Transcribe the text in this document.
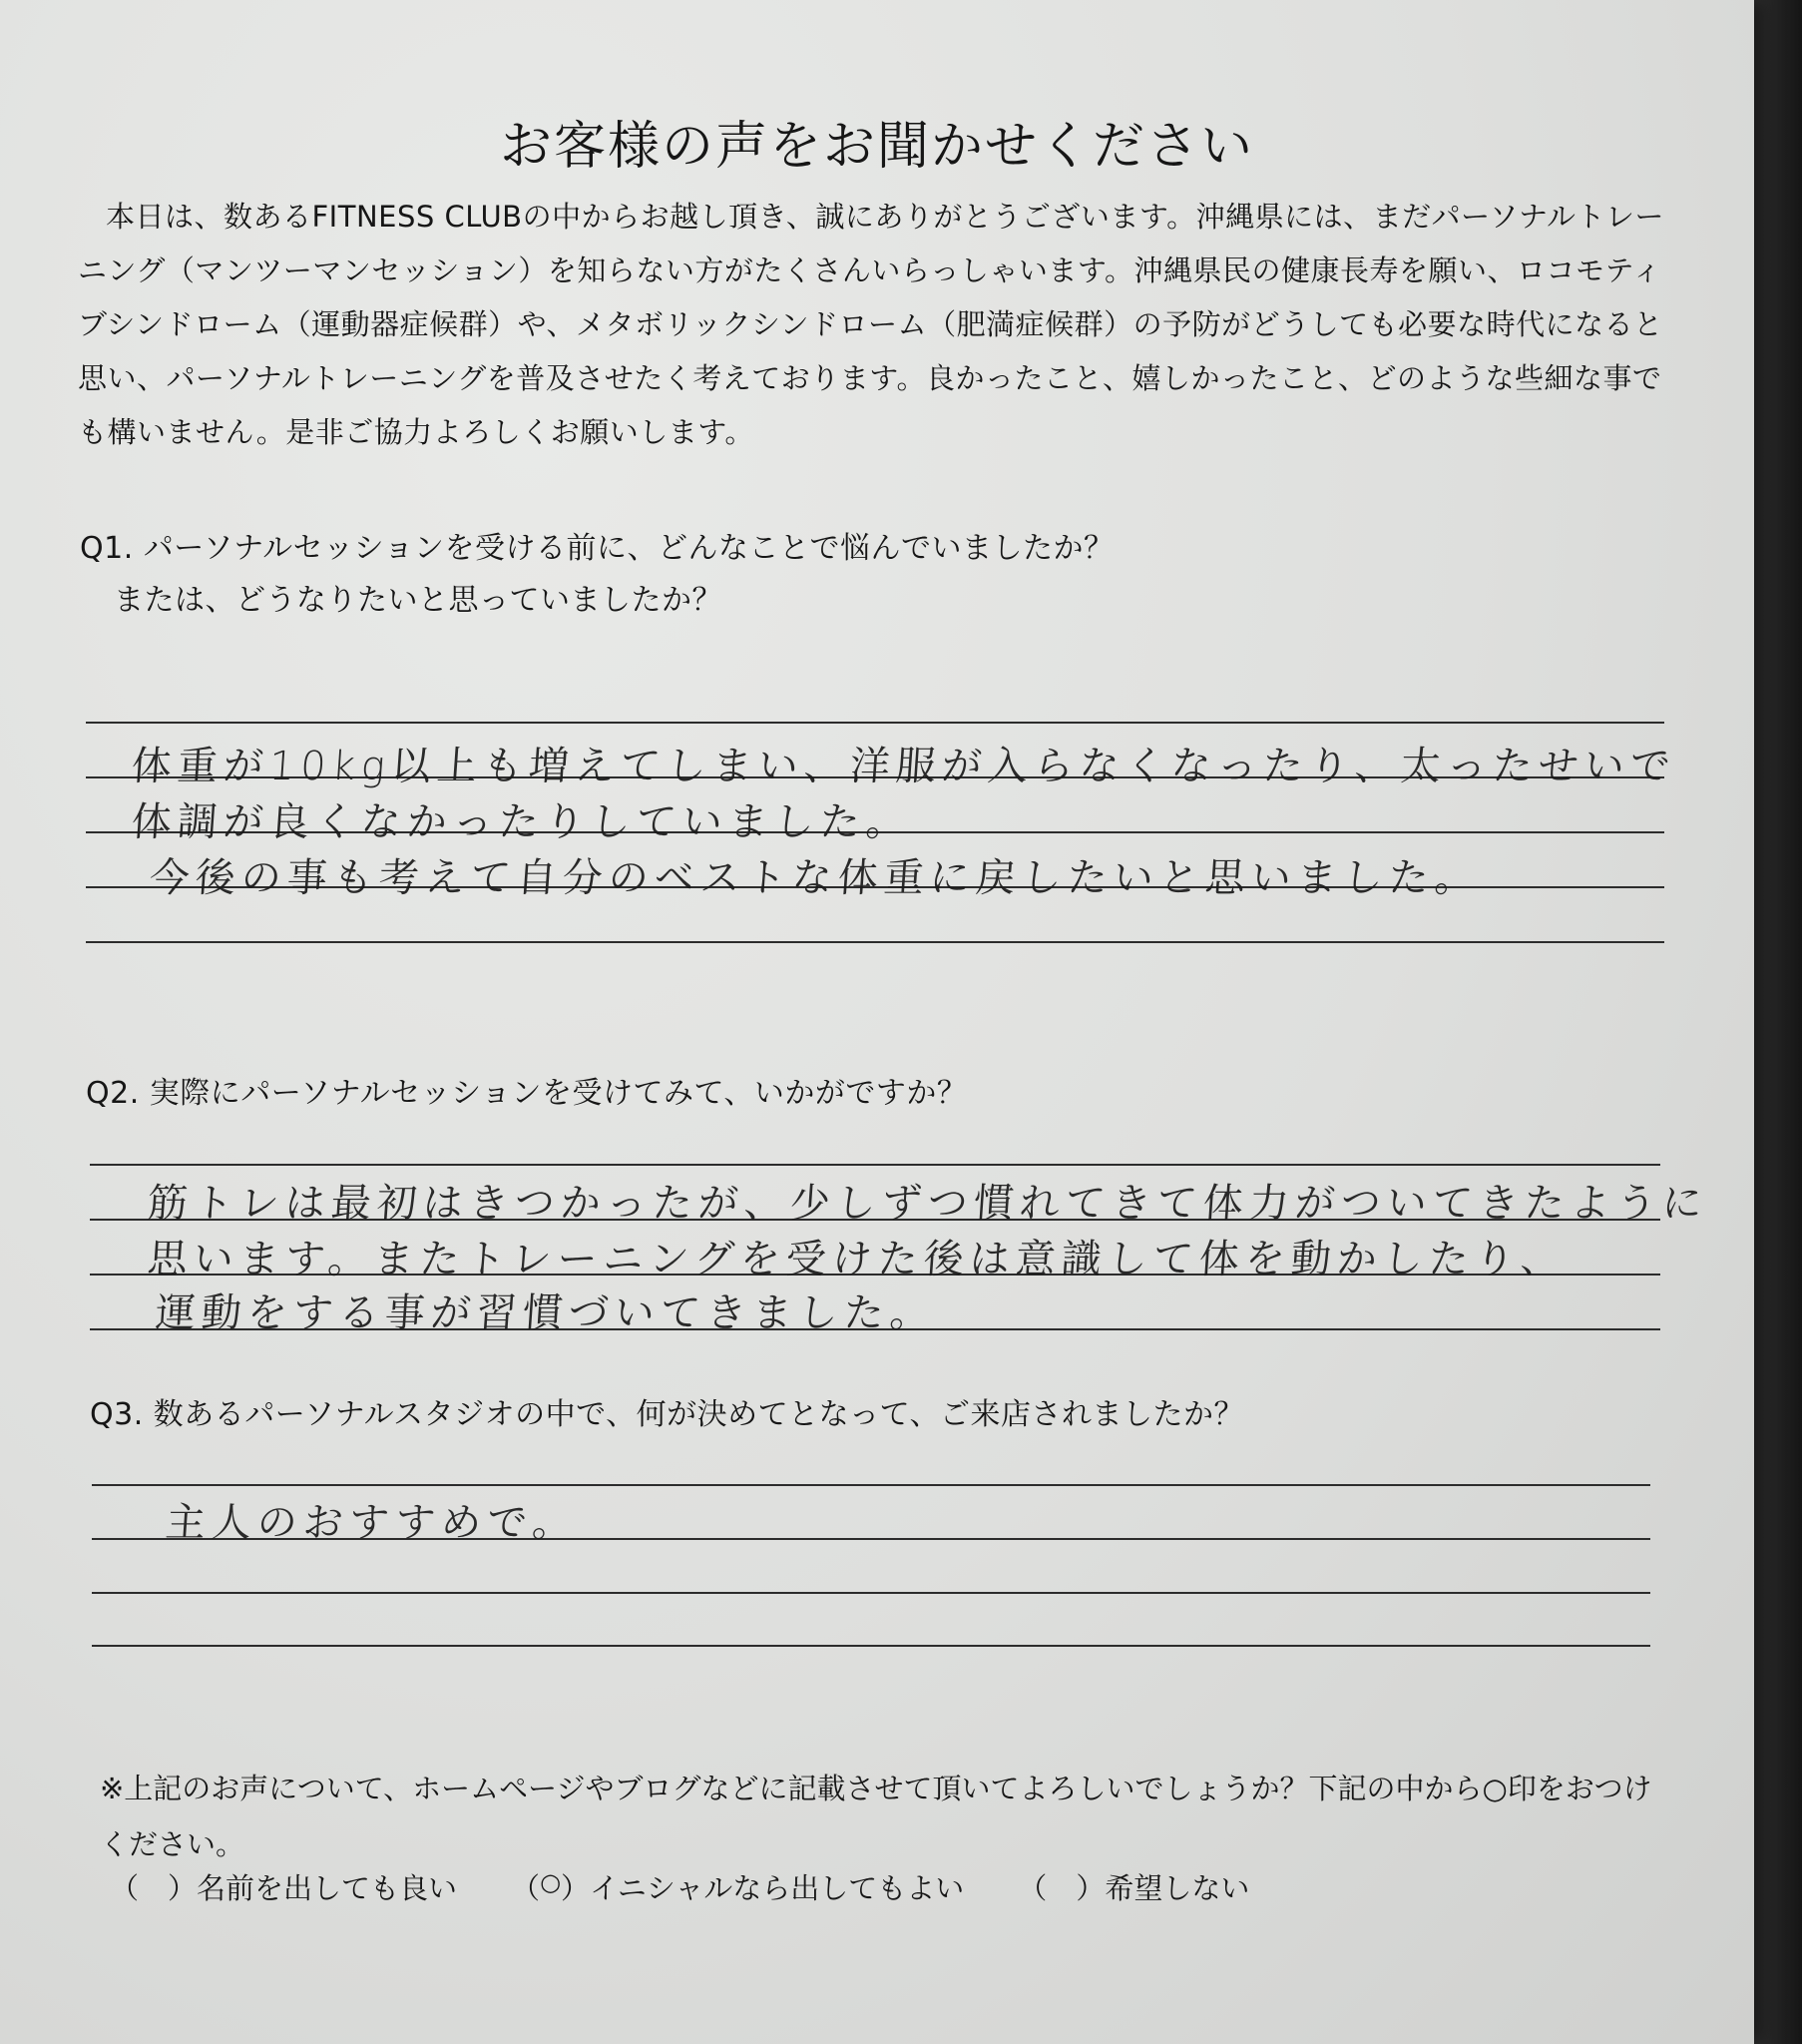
お客様の声をお聞かせください
本日は、数あるFITNESS CLUBの中からお越し頂き、誠にありがとうございます。沖縄県には、まだパーソナルトレーニング（マンツーマンセッション）を知らない方がたくさんいらっしゃいます。沖縄県民の健康長寿を願い、ロコモティブシンドローム（運動器症候群）や、メタボリックシンドローム（肥満症候群）の予防がどうしても必要な時代になると思い、パーソナルトレーニングを普及させたく考えております。良かったこと、嬉しかったこと、どのような些細な事でも構いません。是非ご協力よろしくお願いします。
Q1. パーソナルセッションを受ける前に、どんなことで悩んでいましたか？
または、どうなりたいと思っていましたか？
体重が10kg以上も増えてしまい、洋服が入らなくなったり、太ったせいで
体調が良くなかったりしていました。
今後の事も考えて自分のベストな体重に戻したいと思いました。
Q2. 実際にパーソナルセッションを受けてみて、いかがですか？
筋トレは最初はきつかったが、少しずつ慣れてきて体力がついてきたように
思います。またトレーニングを受けた後は意識して体を動かしたり、
運動をする事が習慣づいてきました。
Q3. 数あるパーソナルスタジオの中で、何が決めてとなって、ご来店されましたか？
主人のおすすめで。
※上記のお声について、ホームページやブログなどに記載させて頂いてよろしいでしょうか？下記の中から○印をおつけください。
（　）名前を出しても良い （○）イニシャルなら出してもよい （　）希望しない
